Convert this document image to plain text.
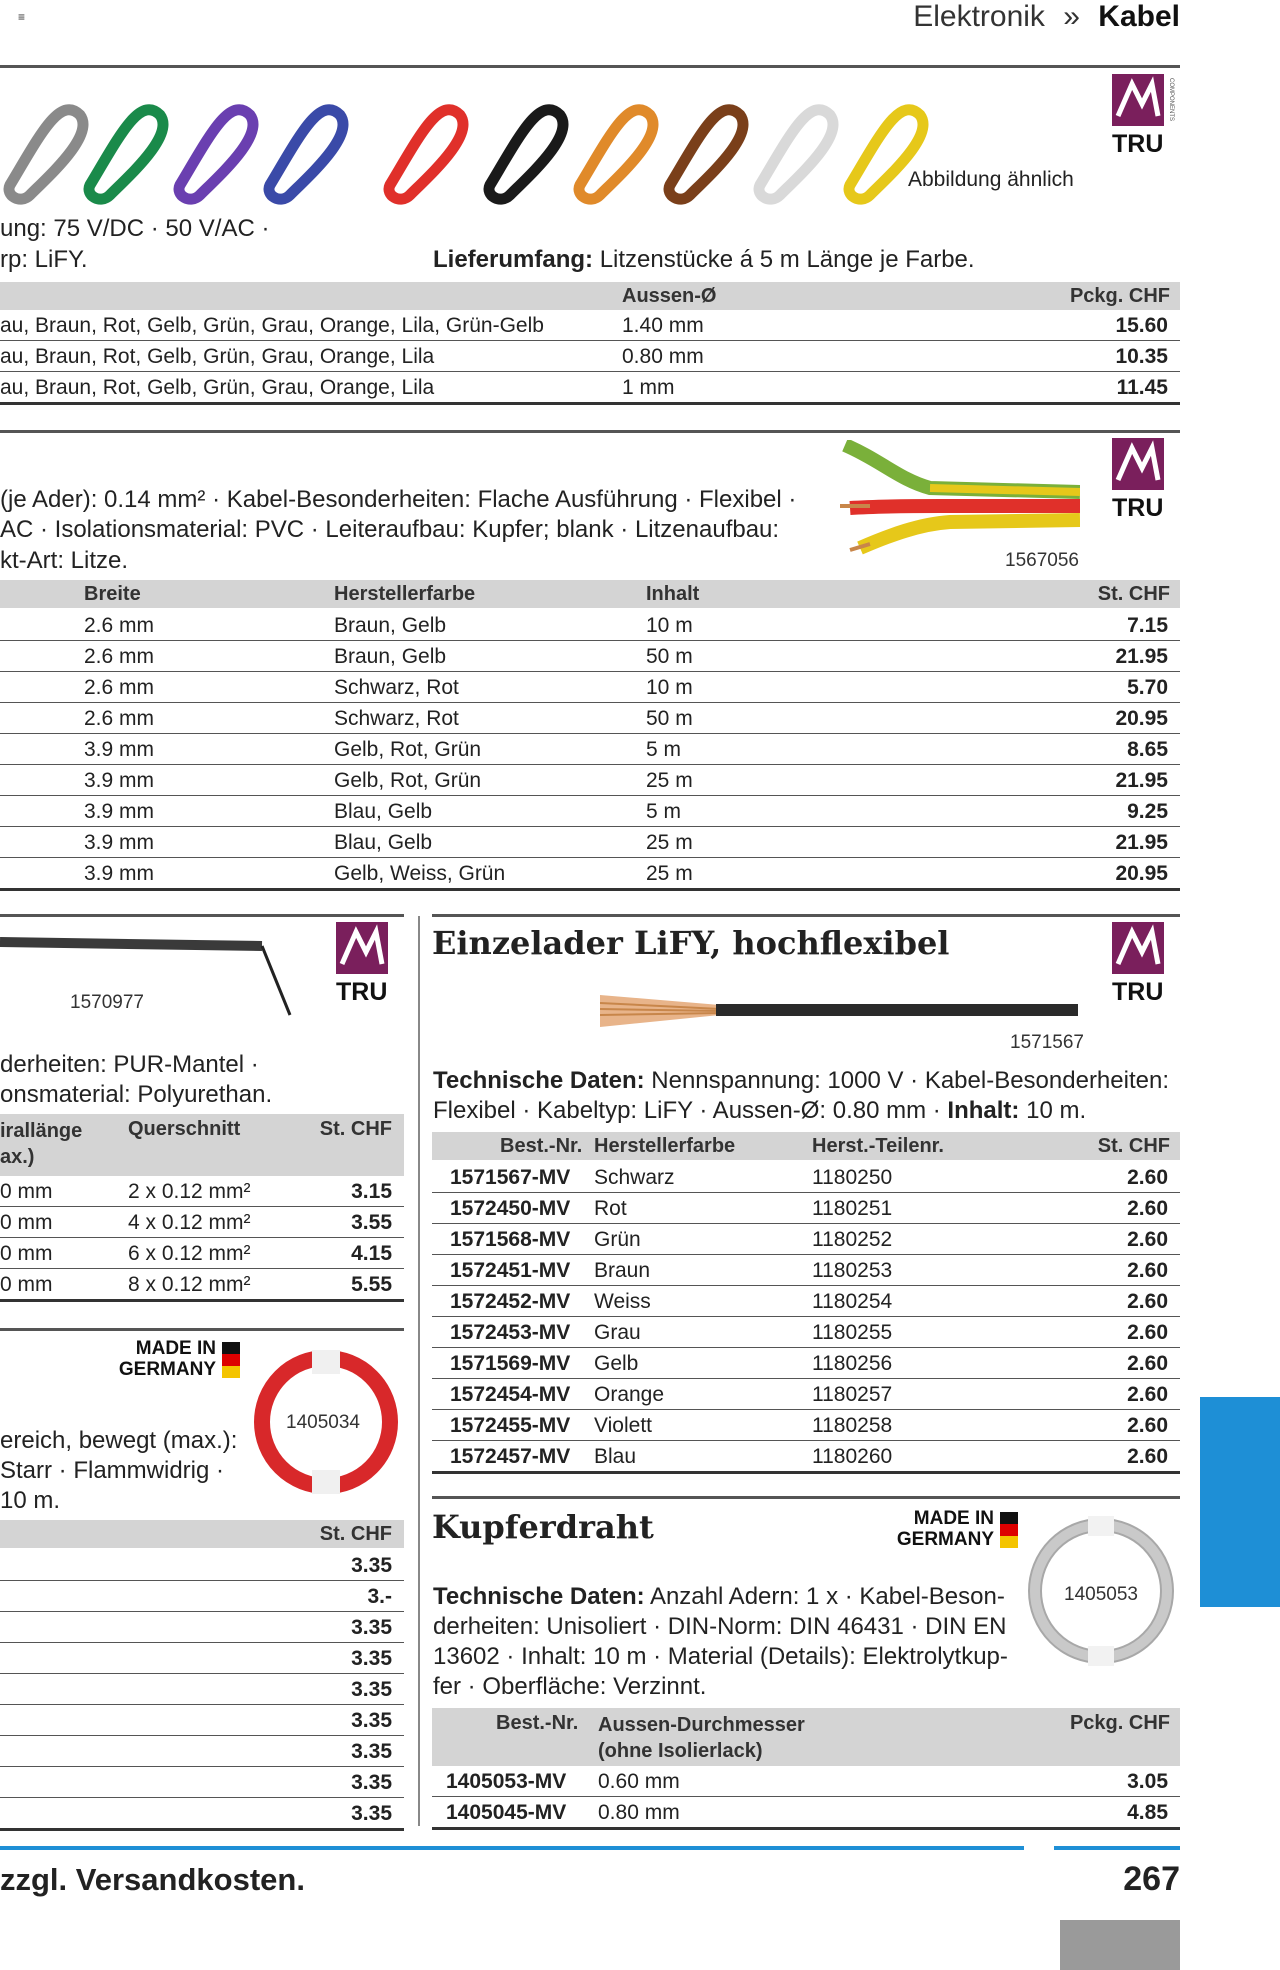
≡	Elektronik » Kabel
TRU
COMPONENTS
Abbildung ähnlich
ung: 75 V/DC · 50 V/AC ·
rp: LiFY.	Lieferumfang: Litzenstücke á 5 m Länge je Farbe.
Aussen-Ø	Pckg. CHF
au, Braun, Rot, Gelb, Grün, Grau, Orange, Lila, Grün-Gelb	1.40 mm	15.60
au, Braun, Rot, Gelb, Grün, Grau, Orange, Lila	0.80 mm	10.35
au, Braun, Rot, Gelb, Grün, Grau, Orange, Lila	1 mm	11.45
1567056
TRU
(je Ader): 0.14 mm² · Kabel-Besonderheiten: Flache Ausführung · Flexibel ·
AC · Isolationsmaterial: PVC · Leiteraufbau: Kupfer; blank · Litzenaufbau:
kt-Art: Litze.
Breite	Herstellerfarbe	Inhalt	St. CHF
2.6 mm	Braun, Gelb	10 m	7.15
2.6 mm	Braun, Gelb	50 m	21.95
2.6 mm	Schwarz, Rot	10 m	5.70
2.6 mm	Schwarz, Rot	50 m	20.95
3.9 mm	Gelb, Rot, Grün	5 m	8.65
3.9 mm	Gelb, Rot, Grün	25 m	21.95
3.9 mm	Blau, Gelb	5 m	9.25
3.9 mm	Blau, Gelb	25 m	21.95
3.9 mm	Gelb, Weiss, Grün	25 m	20.95
1570977	TRU
derheiten: PUR-Mantel ·
onsmaterial: Polyurethan.
irallänge
ax.)
Querschnitt	St. CHF
0 mm	2 x 0.12 mm²	3.15
0 mm	4 x 0.12 mm²	3.55
0 mm	6 x 0.12 mm²	4.15
0 mm	8 x 0.12 mm²	5.55
MADE IN
GERMANY
1405034
ereich, bewegt (max.):
Starr · Flammwidrig ·
10 m.
St. CHF
3.35
3.-
3.35
3.35
3.35
3.35
3.35
3.35
3.35
Einzelader LiFY, hochflexibel
1571567
TRU
Technische Daten: Nennspannung: 1000 V · Kabel-Besonderheiten:
Flexibel · Kabeltyp: LiFY · Aussen-Ø: 0.80 mm · Inhalt: 10 m.
Best.-Nr. Herstellerfarbe	Herst.-Teilenr.	St. CHF
1571567-MV Schwarz	1180250	2.60
1572450-MV Rot	1180251	2.60
1571568-MV Grün	1180252	2.60
1572451-MV Braun	1180253	2.60
1572452-MV Weiss	1180254	2.60
1572453-MV Grau	1180255	2.60
1571569-MV Gelb	1180256	2.60
1572454-MV Orange	1180257	2.60
1572455-MV Violett	1180258	2.60
1572457-MV Blau	1180260	2.60
Kupferdraht	MADE IN
GERMANY
1405053
Technische Daten: Anzahl Adern: 1 x · Kabel-Beson-
derheiten: Unisoliert · DIN-Norm: DIN 46431 · DIN EN
13602 · Inhalt: 10 m · Material (Details): Elektrolytkup-
fer · Oberfläche: Verzinnt.
Best.-Nr. Aussen-Durchmesser
(ohne Isolierlack)
Pckg. CHF
1405053-MV 0.60 mm	3.05
1405045-MV 0.80 mm	4.85
zzgl. Versandkosten.	267
